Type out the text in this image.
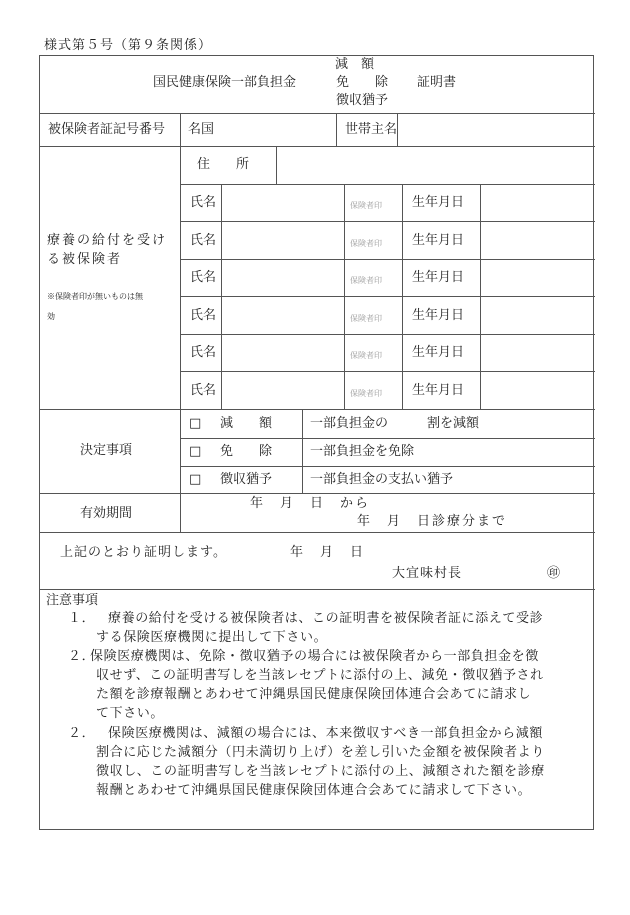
様式第５号（第９条関係）
減　額
国民健康保険一部負担金	免　　除 証明書
徴収猶予
被保険者証記号番号 名国	世帯主名
療養の給付を受け
る被保険者
※保険者印が無いものは無
効
住　　所
氏名	保険者印 生年月日
氏名	保険者印 生年月日
氏名	保険者印 生年月日
氏名	保険者印 生年月日
氏名	保険者印 生年月日
氏名	保険者印 生年月日
決定事項
□ 減　　額	一部負担金の　　　割を減額
□ 免　　除	一部負担金を免除
□ 徴収猶予	一部負担金の支払い猶予
有効期間
年　月　日　から
年　月　日診療分まで
上記のとおり証明します。	年　月　日
大宜味村長	㊞
注意事項
１． 療養の給付を受ける被保険者は、この証明書を被保険者証に添えて受診
する保険医療機関に提出して下さい。
２．
保険医療機関は、免除・徴収猶予の場合には被保険者から一部負担金を徴
収せず、この証明書写しを当該レセプトに添付の上、減免・徴収猶予され
た額を診療報酬とあわせて沖縄県国民健康保険団体連合会あてに請求し
て下さい。
２． 保険医療機関は、減額の場合には、本来徴収すべき一部負担金から減額
割合に応じた減額分（円未満切り上げ）を差し引いた金額を被保険者より
徴収し、この証明書写しを当該レセプトに添付の上、減額された額を診療
報酬とあわせて沖縄県国民健康保険団体連合会あてに請求して下さい。
